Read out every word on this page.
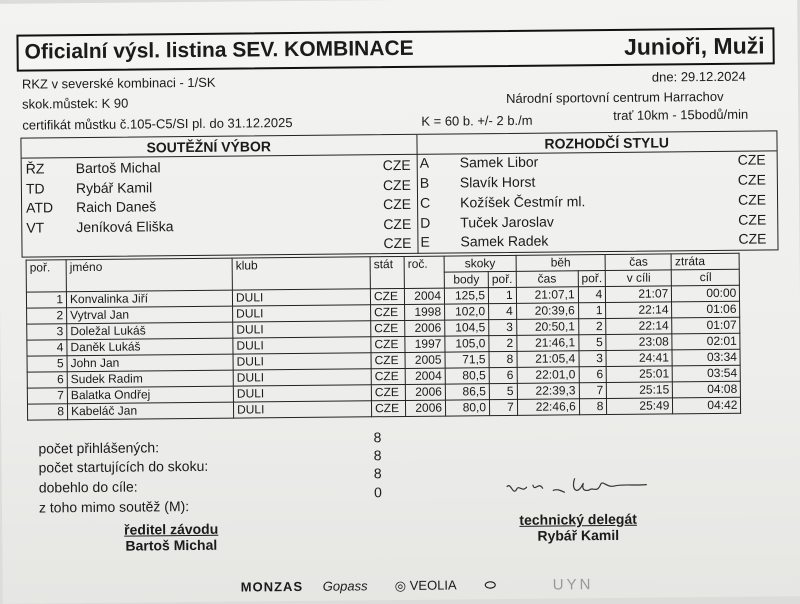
Oficialní výsl. listina SEV. KOMBINACE	Junioři, Muži
RKZ v severské kombinaci - 1/SK
skok.můstek: K 90
certifikát můstku č.105-C5/SI pl. do 31.12.2025	K = 60 b. +/- 2 b./m
dne: 29.12.2024
Národní sportovní centrum Harrachov
trať 10km - 15bodů/min
SOUTĚŽNÍ VÝBOR	ROZHODČÍ STYLU
ŘZ Bartoš Michal	CZE
TD Rybář Kamil	CZE
ATD Raich Daneš	CZE
VT Jeníková Eliška	CZE
CZE
A Samek Libor	CZE
B Slavík Horst	CZE
C Kožíšek Čestmír ml.	CZE
D Tuček Jaroslav	CZE
E Samek Radek	CZE
poř.	jméno	klub	stát	roč.	skoky		běh		čas	ztráta
					body	poř.	čas	poř.	v cíli	cíl
1	Konvalinka Jiří	DULI	CZE	2004	125,5	1	21:07,1	4	21:07	00:00
2	Vytrval Jan	DULI	CZE	1998	102,0	4	20:39,6	1	22:14	01:06
3	Doležal Lukáš	DULI	CZE	2006	104,5	3	20:50,1	2	22:14	01:07
4	Daněk Lukáš	DULI	CZE	1997	105,0	2	21:46,1	5	23:08	02:01
5	John Jan	DULI	CZE	2005	71,5	8	21:05,4	3	24:41	03:34
6	Sudek Radim	DULI	CZE	2004	80,5	6	22:01,0	6	25:01	03:54
7	Balatka Ondřej	DULI	CZE	2006	86,5	5	22:39,3	7	25:15	04:08
8	Kabeláč Jan	DULI	CZE	2006	80,0	7	22:46,6	8	25:49	04:42
počet přihlášených:
8
počet startujících do skoku:
8
dobehlo do cíle:
8
z toho mimo soutěž (M):
0
ředitel závodu
Bartoš Michal
technický delegát
Rybář Kamil
MONZAS Gopass ◎ VEOLIA ⬭	UYN
